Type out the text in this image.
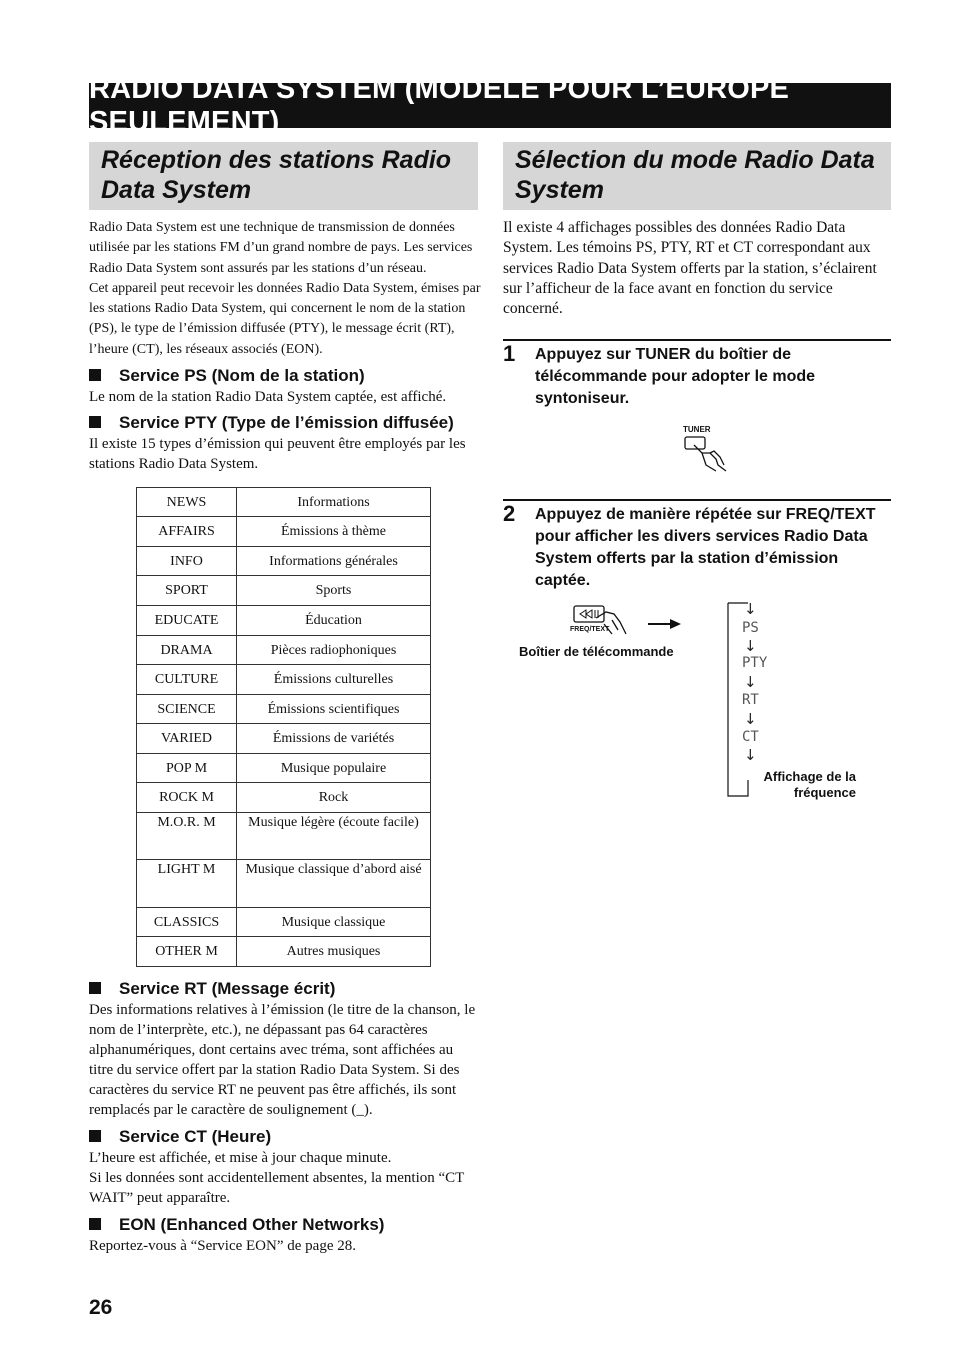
RADIO DATA SYSTEM (MODÈLE POUR L’EUROPE SEULEMENT)
Réception des stations Radio Data System
Radio Data System est une technique de transmission de données utilisée par les stations FM d’un grand nombre de pays. Les services Radio Data System sont assurés par les stations d’un réseau.
Cet appareil peut recevoir les données Radio Data System, émises par les stations Radio Data System, qui concernent le nom de la station (PS), le type de l’émission diffusée (PTY), le message écrit (RT), l’heure (CT), les réseaux associés (EON).
Service PS (Nom de la station)
Le nom de la station Radio Data System captée, est affiché.
Service PTY (Type de l’émission diffusée)
Il existe 15 types d’émission qui peuvent être employés par les stations Radio Data System.
NEWS	Informations
AFFAIRS	Émissions à thème
INFO	Informations générales
SPORT	Sports
EDUCATE	Éducation
DRAMA	Pièces radiophoniques
CULTURE	Émissions culturelles
SCIENCE	Émissions scientifiques
VARIED	Émissions de variétés
POP M	Musique populaire
ROCK M	Rock
M.O.R. M	Musique légère (écoute facile)
LIGHT M	Musique classique d’abord aisé
CLASSICS	Musique classique
OTHER M	Autres musiques
Service RT (Message écrit)
Des informations relatives à l’émission (le titre de la chanson, le nom de l’interprète, etc.), ne dépassant pas 64 caractères alphanumériques, dont certains avec tréma, sont affichées au titre du service offert par la station Radio Data System. Si des caractères du service RT ne peuvent pas être affichés, ils sont remplacés par le caractère de soulignement (_).
Service CT (Heure)
L’heure est affichée, et mise à jour chaque minute.
Si les données sont accidentellement absentes, la mention “CT WAIT” peut apparaître.
EON (Enhanced Other Networks)
Reportez-vous à “Service EON” de page 28.
Sélection du mode Radio Data System
Il existe 4 affichages possibles des données Radio Data System. Les témoins PS, PTY, RT et CT correspondant aux services Radio Data System offerts par la station, s’éclairent sur l’afficheur de la face avant en fonction du service concerné.
1 Appuyez sur TUNER du boîtier de télécommande pour adopter le mode syntoniseur.
TUNER
2 Appuyez de manière répétée sur FREQ/TEXT pour afficher les divers services Radio Data System offerts par la station d’émission captée.
FREQ/TEXT
Boîtier de télécommande
↓
PS
↓
PTY
↓
RT
↓
CT
↓
Affichage de la fréquence
26
